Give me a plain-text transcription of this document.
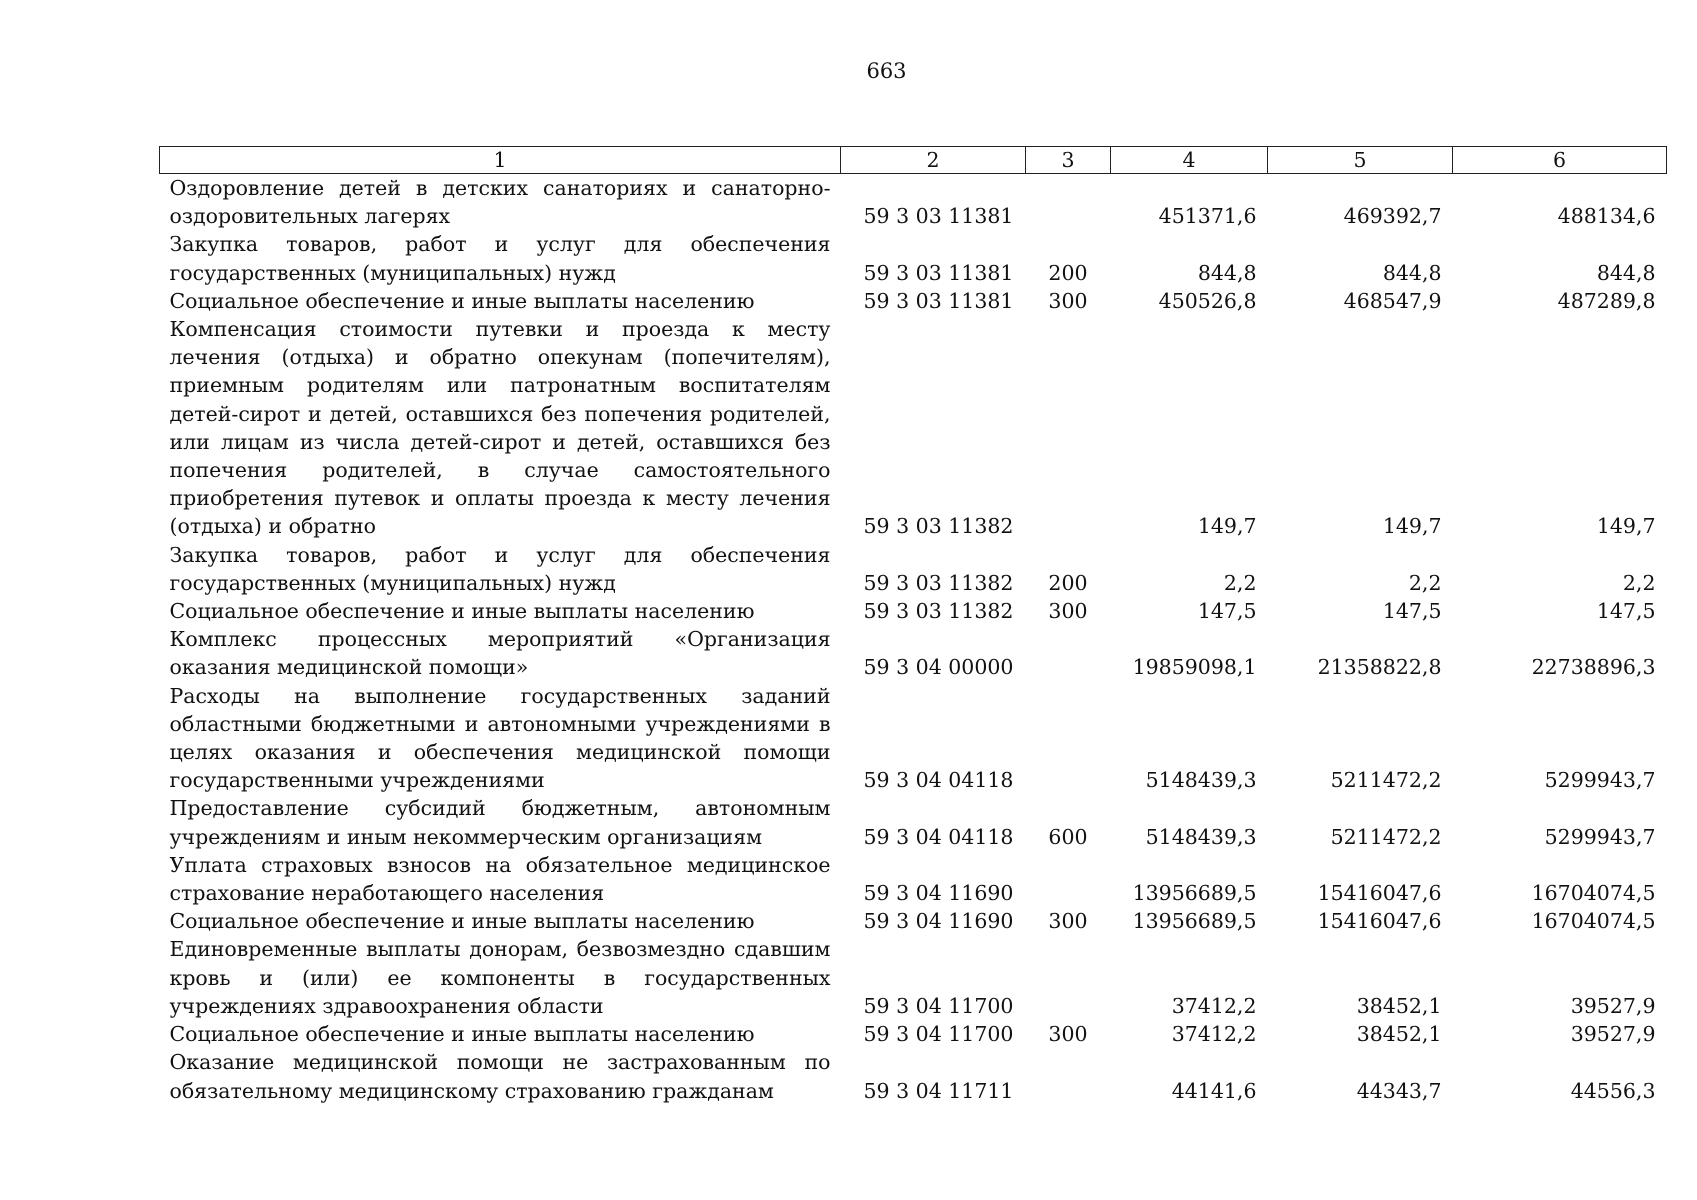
663
1	2	3	4	5	6
Оздоровление детей в детских санаториях и санаторно-оздоровительных лагерях	59 3 03 11381		451371,6	469392,7	488134,6
Закупка товаров, работ и услуг для обеспечения государственных (муниципальных) нужд	59 3 03 11381	200	844,8	844,8	844,8
Социальное обеспечение и иные выплаты населению	59 3 03 11381	300	450526,8	468547,9	487289,8
Компенсация стоимости путевки и проезда к месту лечения (отдыха) и обратно опекунам (попечителям), приемным родителям или патронатным воспитателям детей-сирот и детей, оставшихся без попечения родителей, или лицам из числа детей-сирот и детей, оставшихся без попечения родителей, в случае самостоятельного приобретения путевок и оплаты проезда к месту лечения (отдыха) и обратно	59 3 03 11382		149,7	149,7	149,7
Закупка товаров, работ и услуг для обеспечения государственных (муниципальных) нужд	59 3 03 11382	200	2,2	2,2	2,2
Социальное обеспечение и иные выплаты населению	59 3 03 11382	300	147,5	147,5	147,5
Комплекс процессных мероприятий «Организация оказания медицинской помощи»	59 3 04 00000		19859098,1	21358822,8	22738896,3
Расходы на выполнение государственных заданий областными бюджетными и автономными учреждениями в целях оказания и обеспечения медицинской помощи государственными учреждениями	59 3 04 04118		5148439,3	5211472,2	5299943,7
Предоставление субсидий бюджетным, автономным учреждениям и иным некоммерческим организациям	59 3 04 04118	600	5148439,3	5211472,2	5299943,7
Уплата страховых взносов на обязательное медицинское страхование неработающего населения	59 3 04 11690		13956689,5	15416047,6	16704074,5
Социальное обеспечение и иные выплаты населению	59 3 04 11690	300	13956689,5	15416047,6	16704074,5
Единовременные выплаты донорам, безвозмездно сдавшим кровь и (или) ее компоненты в государственных учреждениях здравоохранения области	59 3 04 11700		37412,2	38452,1	39527,9
Социальное обеспечение и иные выплаты населению	59 3 04 11700	300	37412,2	38452,1	39527,9
Оказание медицинской помощи не застрахованным по обязательному медицинскому страхованию гражданам	59 3 04 11711		44141,6	44343,7	44556,3
